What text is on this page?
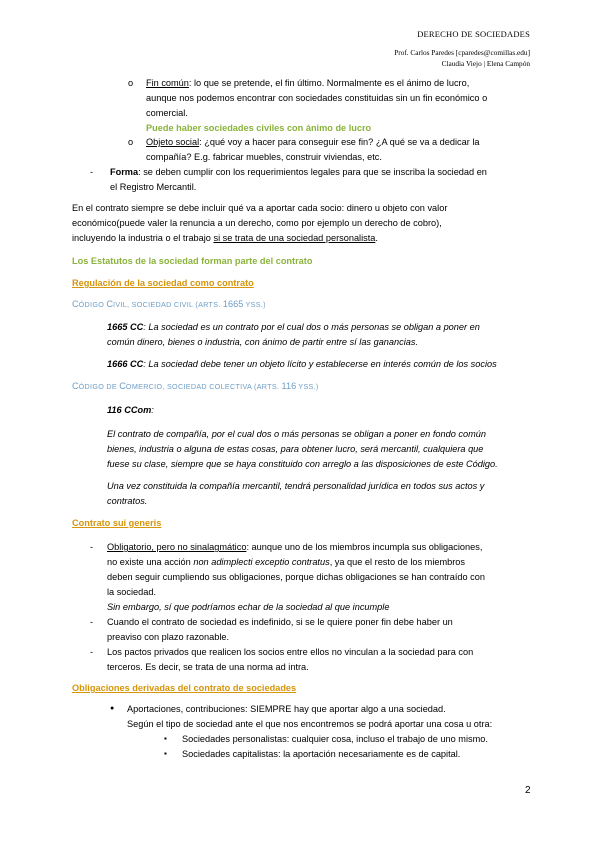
DERECHO DE SOCIEDADES
Prof. Carlos Paredes [cparedes@comillas.edu]
Claudia Viejo | Elena Campón
o Fin común: lo que se pretende, el fin último. Normalmente es el ánimo de lucro,
aunque nos podemos encontrar con sociedades constituidas sin un fin económico o
comercial.
Puede haber sociedades civiles con ánimo de lucro
o Objeto social: ¿qué voy a hacer para conseguir ese fin? ¿A qué se va a dedicar la
compañía? E.g. fabricar muebles, construir viviendas, etc.
- Forma: se deben cumplir con los requerimientos legales para que se inscriba la sociedad en
el Registro Mercantil.
En el contrato siempre se debe incluir qué va a aportar cada socio: dinero u objeto con valor
económico(puede valer la renuncia a un derecho, como por ejemplo un derecho de cobro),
incluyendo la industria o el trabajo si se trata de una sociedad personalista.
Los Estatutos de la sociedad forman parte del contrato
Regulación de la sociedad como contrato
CÓDIGO CIVIL, SOCIEDAD CIVIL (ARTS. 1665 YSS.)
1665 CC: La sociedad es un contrato por el cual dos o más personas se obligan a poner en
común dinero, bienes o industria, con ánimo de partir entre sí las ganancias.
1666 CC: La sociedad debe tener un objeto lícito y establecerse en interés común de los socios
CÓDIGO DE COMERCIO, SOCIEDAD COLECTIVA (ARTS. 116 YSS.)
116 CCom:
El contrato de compañía, por el cual dos o más personas se obligan a poner en fondo común
bienes, industria o alguna de estas cosas, para obtener lucro, será mercantil, cualquiera que
fuese su clase, siempre que se haya constituido con arreglo a las disposiciones de este Código.
Una vez constituida la compañía mercantil, tendrá personalidad jurídica en todos sus actos y
contratos.
Contrato sui generis
- Obligatorio, pero no sinalagmático: aunque uno de los miembros incumpla sus obligaciones,
no existe una acción non adimplecti exceptio contratus, ya que el resto de los miembros
deben seguir cumpliendo sus obligaciones, porque dichas obligaciones se han contraído con
la sociedad.
Sin embargo, sí que podríamos echar de la sociedad al que incumple
- Cuando el contrato de sociedad es indefinido, si se le quiere poner fin debe haber un
preaviso con plazo razonable.
- Los pactos privados que realicen los socios entre ellos no vinculan a la sociedad para con
terceros. Es decir, se trata de una norma ad intra.
Obligaciones derivadas del contrato de sociedades
● Aportaciones, contribuciones: SIEMPRE hay que aportar algo a una sociedad.
Según el tipo de sociedad ante el que nos encontremos se podrá aportar una cosa u otra:
▪ Sociedades personalistas: cualquier cosa, incluso el trabajo de uno mismo.
▪ Sociedades capitalistas: la aportación necesariamente es de capital.
2
